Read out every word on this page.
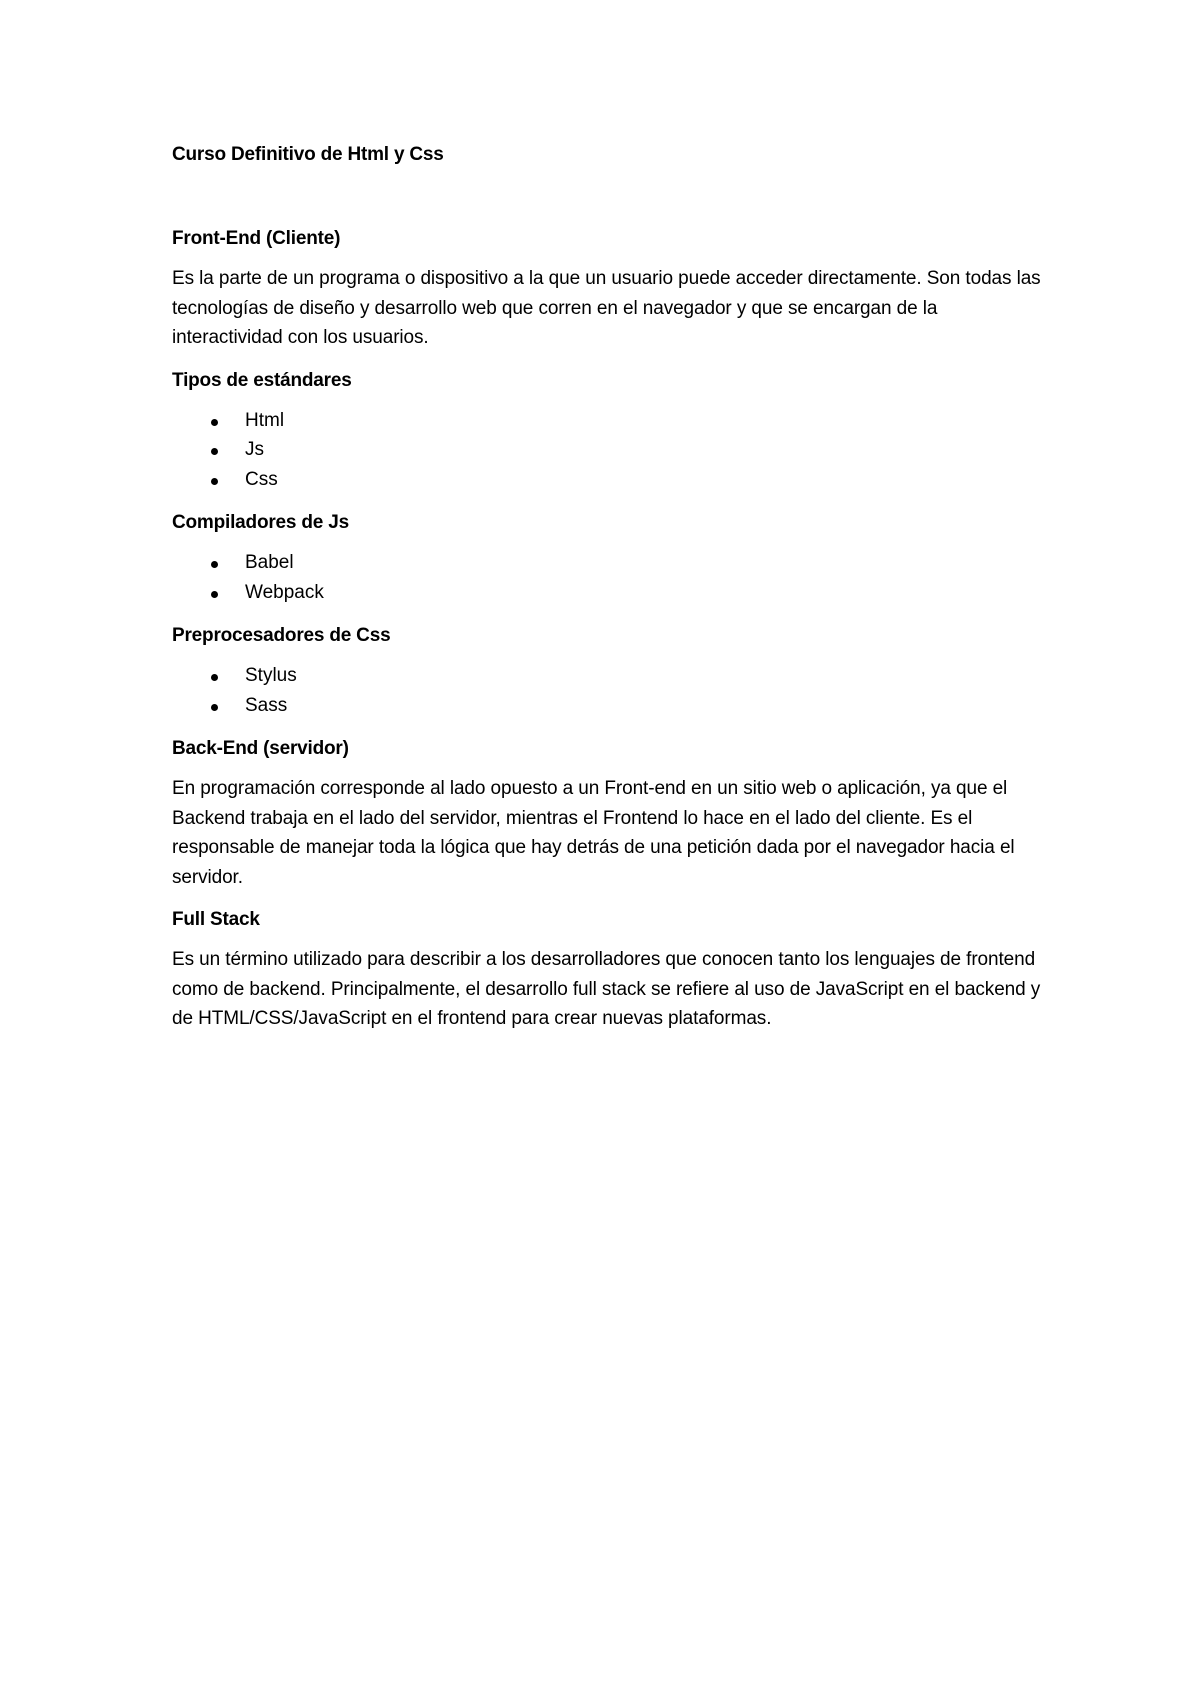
Curso Definitivo de Html y Css
Front-End (Cliente)

Es la parte de un programa o dispositivo a la que un usuario puede acceder directamente. Son todas las tecnologías de diseño y desarrollo web que corren en el navegador y que se encargan de la interactividad con los usuarios.

Tipos de estándares
Html
Js
Css
Compiladores de Js
Babel
Webpack
Preprocesadores de Css
Stylus
Sass
Back-End (servidor)

En programación corresponde al lado opuesto a un Front-end en un sitio web o aplicación, ya que el Backend trabaja en el lado del servidor, mientras el Frontend lo hace en el lado del cliente. Es el responsable de manejar toda la lógica que hay detrás de una petición dada por el navegador hacia el servidor.

Full Stack

Es un término utilizado para describir a los desarrolladores que conocen tanto los lenguajes de frontend como de backend. Principalmente, el desarrollo full stack se refiere al uso de JavaScript en el backend y de HTML/CSS/JavaScript en el frontend para crear nuevas plataformas.
